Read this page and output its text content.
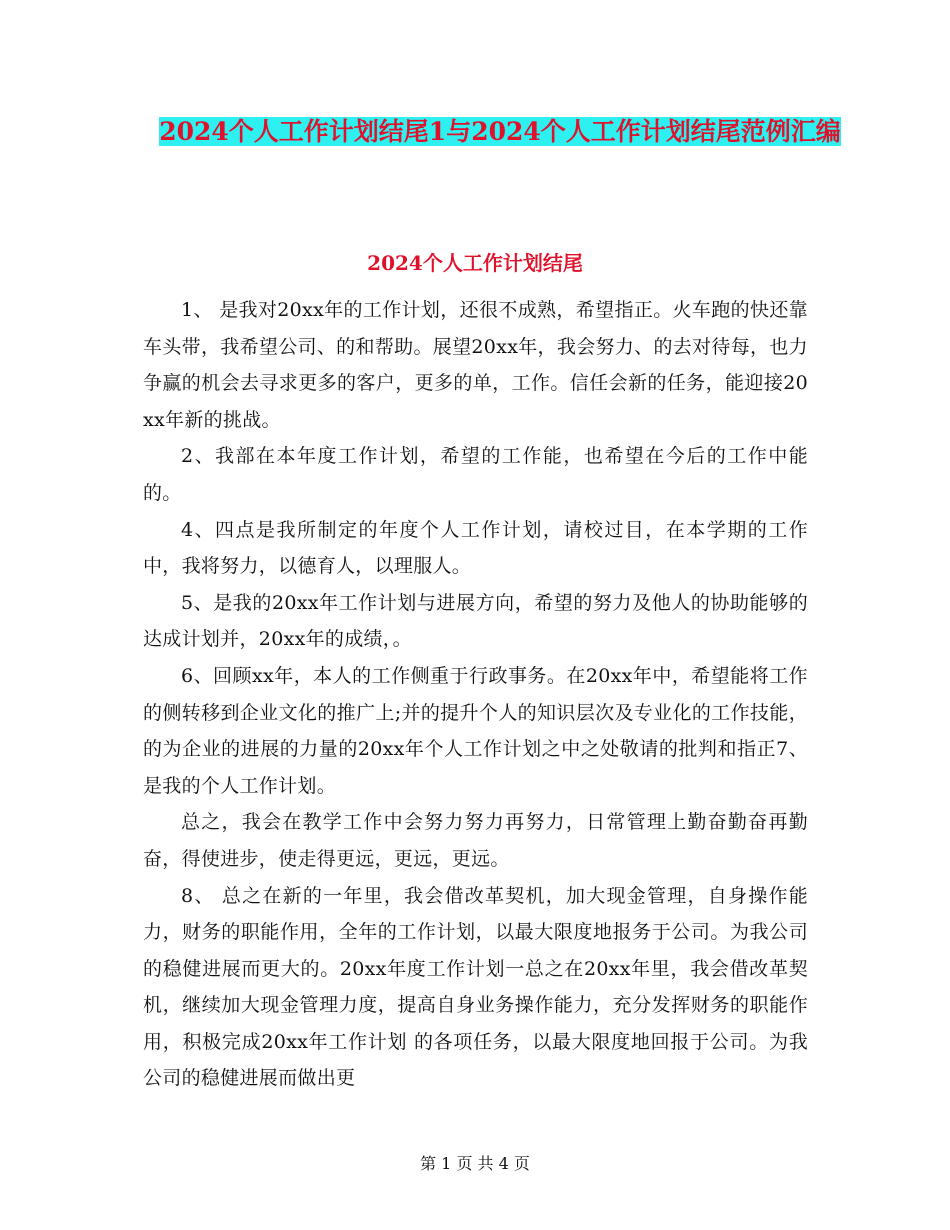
2024个人工作计划结尾1与2024个人工作计划结尾范例汇编
2024个人工作计划结尾

1、 是我对20xx年的工作计划，还很不成熟，希望指正。火车跑的快还靠车头带，我希望公司、的和帮助。展望20xx年，我会努力、的去对待每，也力争赢的机会去寻求更多的客户，更多的单，工作。信任会新的任务，能迎接20xx年新的挑战。

2、我部在本年度工作计划，希望的工作能，也希望在今后的工作中能的。

4、四点是我所制定的年度个人工作计划，请校过目，在本学期的工作中，我将努力，以德育人，以理服人。

5、是我的20xx年工作计划与进展方向，希望的努力及他人的协助能够的达成计划并，20xx年的成绩，。

6、回顾xx年，本人的工作侧重于行政事务。在20xx年中，希望能将工作的侧转移到企业文化的推广上;并的提升个人的知识层次及专业化的工作技能，的为企业的进展的力量的20xx年个人工作计划之中之处敬请的批判和指正7、 是我的个人工作计划。

总之，我会在教学工作中会努力努力再努力，日常管理上勤奋勤奋再勤奋，得使进步，使走得更远，更远，更远。

8、 总之在新的一年里，我会借改革契机，加大现金管理，自身操作能力，财务的职能作用，全年的工作计划，以最大限度地报务于公司。为我公司的稳健进展而更大的。20xx年度工作计划一总之在20xx年里，我会借改革契机，继续加大现金管理力度，提高自身业务操作能力，充分发挥财务的职能作用，积极完成20xx年工作计划 的各项任务，以最大限度地回报于公司。为我公司的稳健进展而做出更

第 1 页 共 4 页
